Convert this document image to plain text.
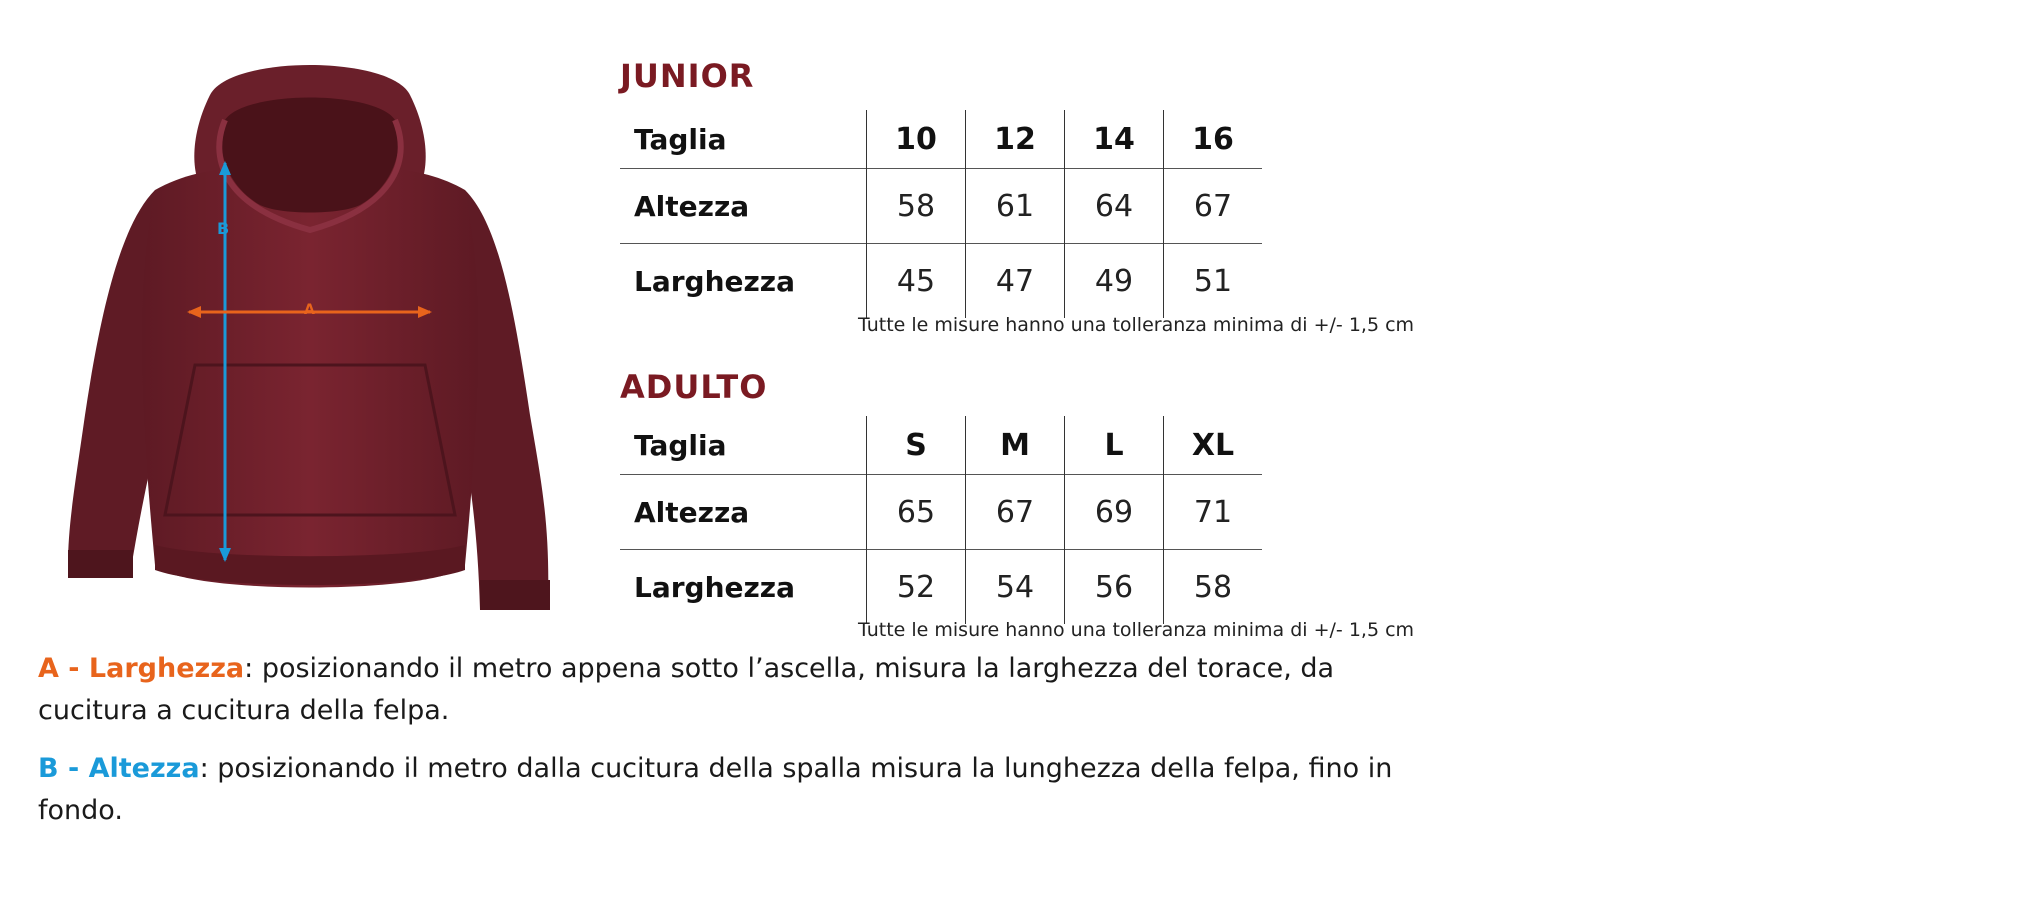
B
A
JUNIOR
Taglia	10	12	14	16
Altezza	58	61	64	67
Larghezza	45	47	49	51

Tutte le misure hanno una tolleranza minima di +/- 1,5 cm

ADULTO
Taglia	S	M	L	XL
Altezza	65	67	69	71
Larghezza	52	54	56	58

Tutte le misure hanno una tolleranza minima di +/- 1,5 cm

A - Larghezza: posizionando il metro appena sotto l’ascella, misura la larghezza del torace, da cucitura a cucitura della felpa.

B - Altezza: posizionando il metro dalla cucitura della spalla misura la lunghezza della felpa, fino in fondo.
